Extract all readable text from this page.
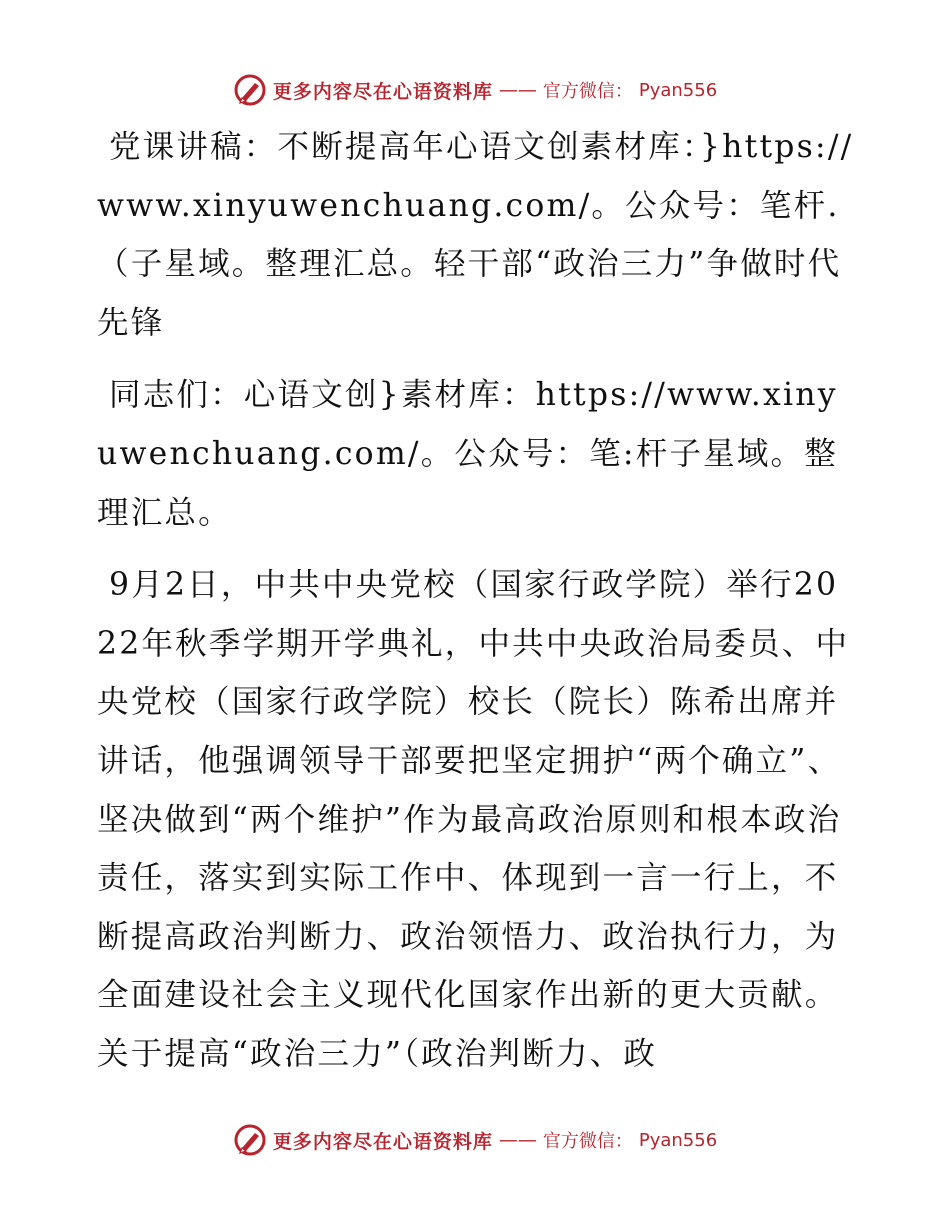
更多内容尽在心语资料库 —— 官方微信： Pyan556

党课讲稿：不断提高年心语文创素材库：}https://www.xinyuwenchuang.com/。公众号：笔杆.（子星域。整理汇总。轻干部“政治三力”争做时代先锋

同志们：心语文创}素材库：https://www.xinyuwenchuang.com/。公众号：笔:杆子星域。整理汇总。

9月2日，中共中央党校（国家行政学院）举行2022年秋季学期开学典礼，中共中央政治局委员、中央党校（国家行政学院）校长（院长）陈希出席并讲话，他强调领导干部要把坚定拥护“两个确立”、坚决做到“两个维护”作为最高政治原则和根本政治责任，落实到实际工作中、体现到一言一行上，不断提高政治判断力、政治领悟力、政治执行力，为全面建设社会主义现代化国家作出新的更大贡献。关于提高“政治三力”（政治判断力、政

更多内容尽在心语资料库 —— 官方微信： Pyan556
